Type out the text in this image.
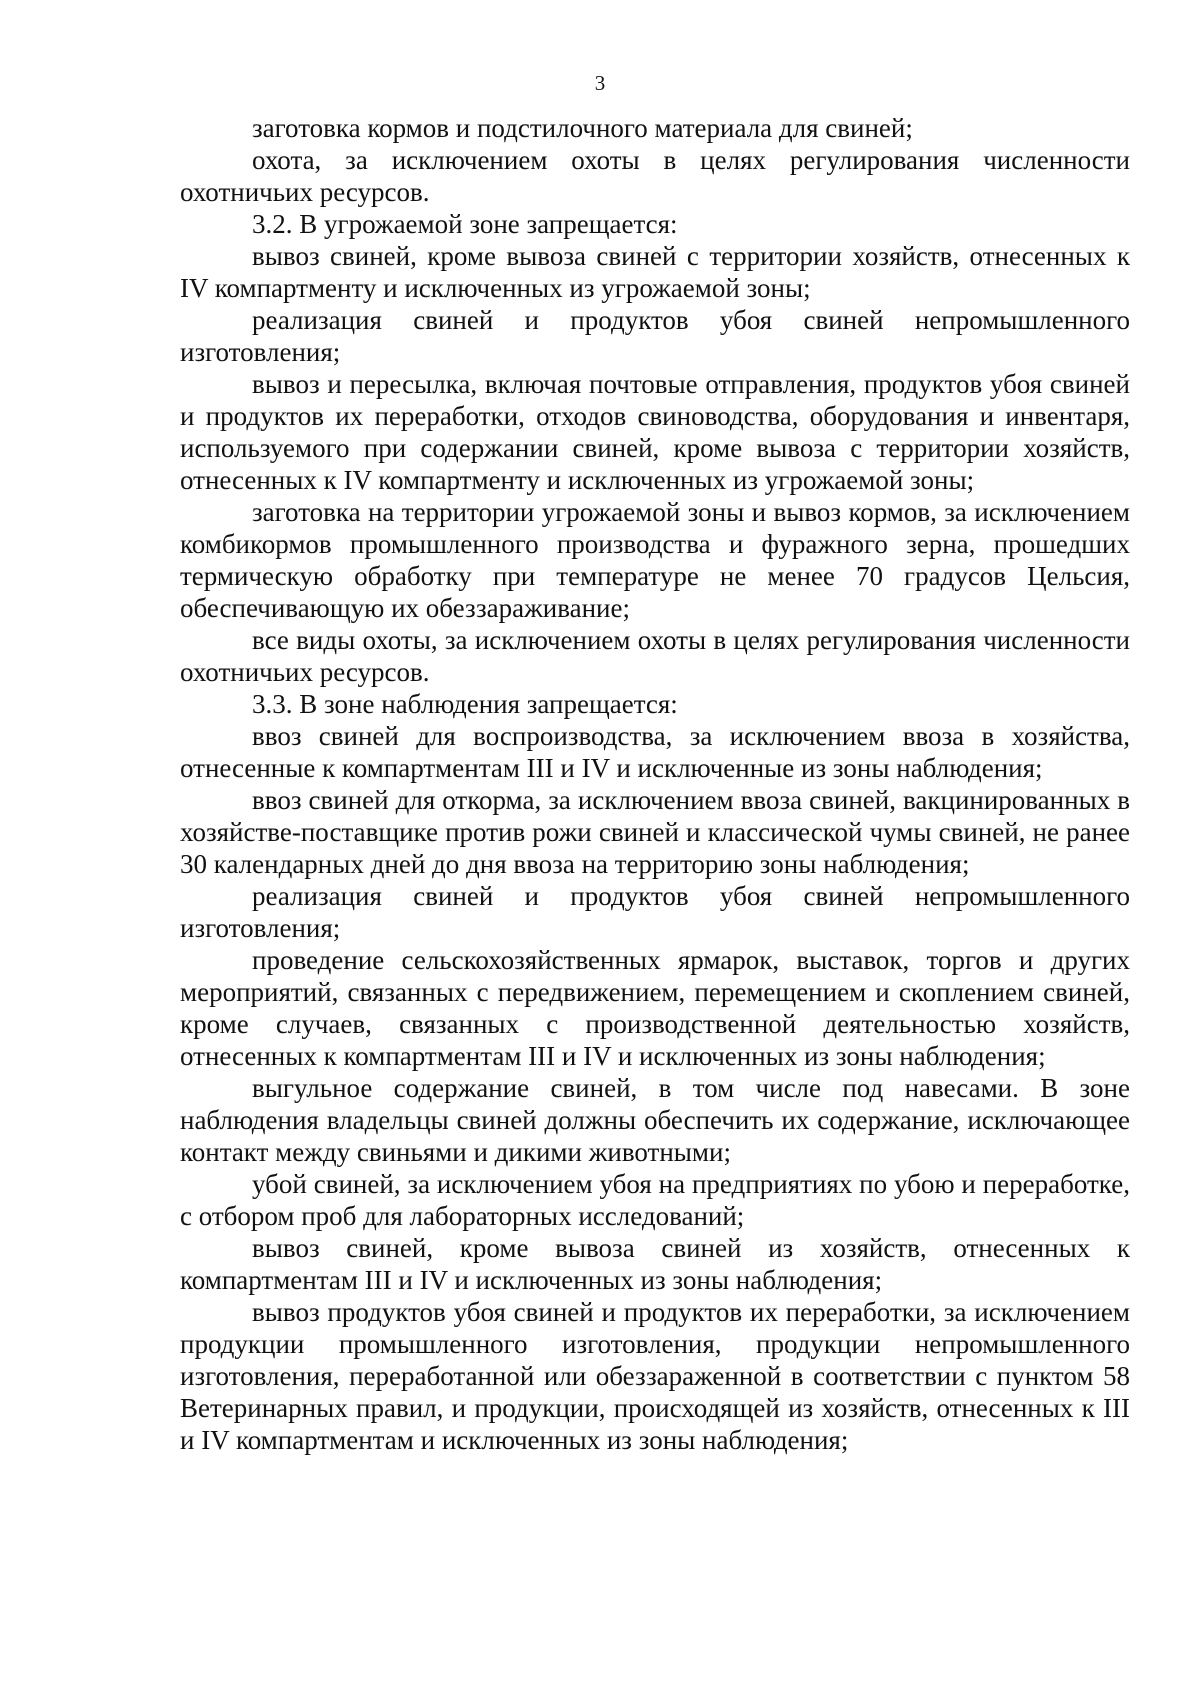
3

заготовка кормов и подстилочного материала для свиней;

охота, за исключением охоты в целях регулирования численности охотничьих ресурсов.

3.2. В угрожаемой зоне запрещается:

вывоз свиней, кроме вывоза свиней с территории хозяйств, отнесенных к IV компартменту и исключенных из угрожаемой зоны;

реализация свиней и продуктов убоя свиней непромышленного изготовления;

вывоз и пересылка, включая почтовые отправления, продуктов убоя свиней и продуктов их переработки, отходов свиноводства, оборудования и инвентаря, используемого при содержании свиней, кроме вывоза с территории хозяйств, отнесенных к IV компартменту и исключенных из угрожаемой зоны;

заготовка на территории угрожаемой зоны и вывоз кормов, за исключением комбикормов промышленного производства и фуражного зерна, прошедших термическую обработку при температуре не менее 70 градусов Цельсия, обеспечивающую их обеззараживание;

все виды охоты, за исключением охоты в целях регулирования численности охотничьих ресурсов.

3.3. В зоне наблюдения запрещается:

ввоз свиней для воспроизводства, за исключением ввоза в хозяйства, отнесенные к компартментам III и IV и исключенные из зоны наблюдения;

ввоз свиней для откорма, за исключением ввоза свиней, вакцинированных в хозяйстве-поставщике против рожи свиней и классической чумы свиней, не ранее 30 календарных дней до дня ввоза на территорию зоны наблюдения;

реализация свиней и продуктов убоя свиней непромышленного изготовления;

проведение сельскохозяйственных ярмарок, выставок, торгов и других мероприятий, связанных с передвижением, перемещением и скоплением свиней, кроме случаев, связанных с производственной деятельностью хозяйств, отнесенных к компартментам III и IV и исключенных из зоны наблюдения;

выгульное содержание свиней, в том числе под навесами. В зоне наблюдения владельцы свиней должны обеспечить их содержание, исключающее контакт между свиньями и дикими животными;

убой свиней, за исключением убоя на предприятиях по убою и переработке, с отбором проб для лабораторных исследований;

вывоз свиней, кроме вывоза свиней из хозяйств, отнесенных к компартментам III и IV и исключенных из зоны наблюдения;

вывоз продуктов убоя свиней и продуктов их переработки, за исключением продукции промышленного изготовления, продукции непромышленного изготовления, переработанной или обеззараженной в соответствии с пунктом 58 Ветеринарных правил, и продукции, происходящей из хозяйств, отнесенных к III и IV компартментам и исключенных из зоны наблюдения;
